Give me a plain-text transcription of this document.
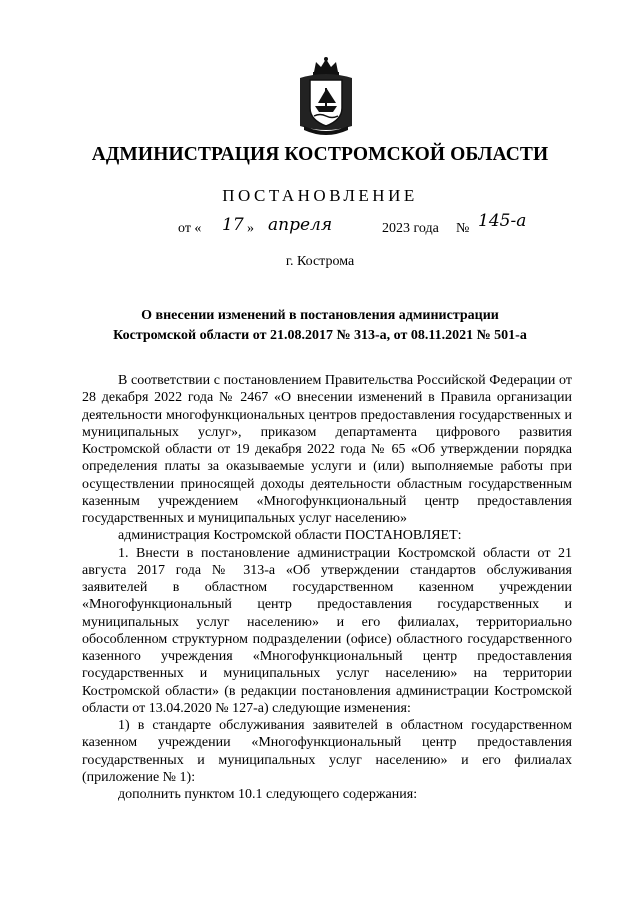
АДМИНИСТРАЦИЯ КОСТРОМСКОЙ ОБЛАСТИ
ПОСТАНОВЛЕНИЕ
от « 17 » апреля	2023 года № 145-а
г. Кострома
О внесении изменений в постановления администрации
Костромской области от 21.08.2017 № 313-а, от 08.11.2021 № 501-а

В соответствии с постановлением Правительства Российской Федерации от 28 декабря 2022 года № 2467 «О внесении изменений в Правила организации деятельности многофункциональных центров предоставления государственных и муниципальных услуг», приказом департамента цифрового развития Костромской области от 19 декабря 2022 года № 65 «Об утверждении порядка определения платы за оказываемые услуги и (или) выполняемые работы при осуществлении приносящей доходы деятельности областным государственным казенным учреждением «Многофункциональный центр предоставления государственных и муниципальных услуг населению»

администрация Костромской области ПОСТАНОВЛЯЕТ:

1. Внести в постановление администрации Костромской области от 21 августа 2017 года № 313-а «Об утверждении стандартов обслуживания заявителей в областном государственном казенном учреждении «Многофункциональный центр предоставления государственных и муниципальных услуг населению» и его филиалах, территориально обособленном структурном подразделении (офисе) областного государственного казенного учреждения «Многофункциональный центр предоставления государственных и муниципальных услуг населению» на территории Костромской области» (в редакции постановления администрации Костромской области от 13.04.2020 № 127-а) следующие изменения:

1) в стандарте обслуживания заявителей в областном государственном казенном учреждении «Многофункциональный центр предоставления государственных и муниципальных услуг населению» и его филиалах (приложение № 1):

дополнить пунктом 10.1 следующего содержания:
